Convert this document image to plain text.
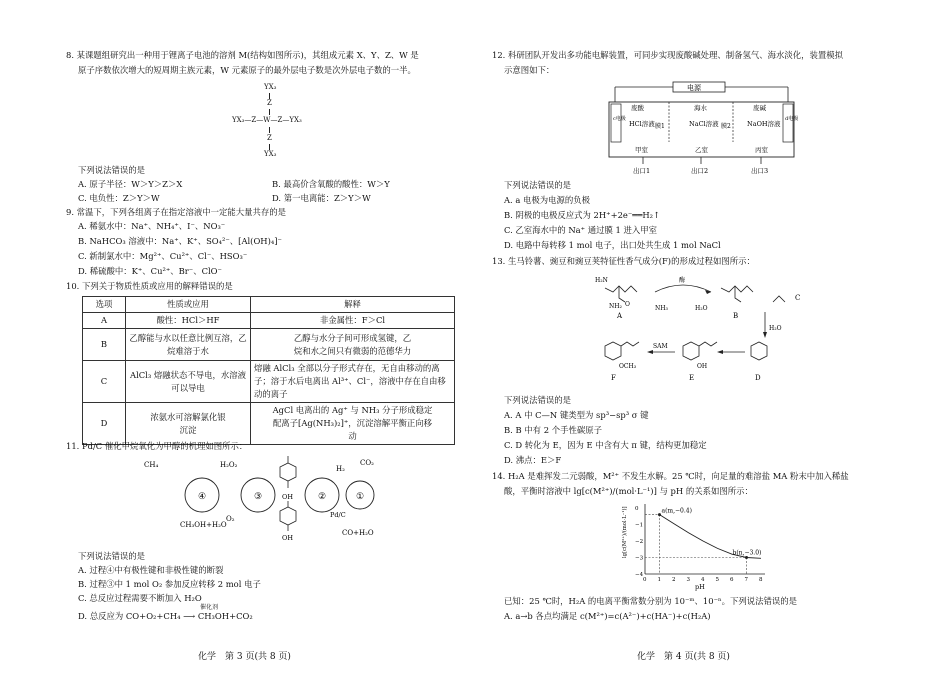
8. 某课题组研究出一种用于锂离子电池的溶剂 M(结构如图所示)，其组成元素 X、Y、Z、W 是
原子序数依次增大的短周期主族元素，W 元素原子的最外层电子数是次外层电子数的一半。
YX₃
Z
YX₃—Z—W—Z—YX₃
Z
YX₃
下列说法错误的是
A. 原子半径：W＞Y＞Z＞X	B. 最高价含氧酸的酸性：W＞Y
C. 电负性：Z＞Y＞W	D. 第一电离能：Z＞Y＞W
9. 常温下，下列各组离子在指定溶液中一定能大量共存的是
A. 稀氨水中：Na⁺、NH₄⁺、I⁻、NO₃⁻
B. NaHCO₃ 溶液中：Na⁺、K⁺、SO₄²⁻、[Al(OH)₄]⁻
C. 新制氯水中：Mg²⁺、Cu²⁺、Cl⁻、HSO₃⁻
D. 稀硫酸中：K⁺、Cu²⁺、Br⁻、ClO⁻
10. 下列关于物质性质或应用的解释错误的是
选项	性质或应用	解释
A	酸性：HCl＞HF	非金属性：F＞Cl
B	乙醇能与水以任意比例互溶，乙烷难溶于水	乙醇与水分子间可形成氢键，乙烷和水之间只有微弱的范德华力
C	AlCl₃ 熔融状态不导电，水溶液可以导电	熔融 AlCl₃ 全部以分子形式存在，无自由移动的离子；溶于水后电离出 Al³⁺、Cl⁻，溶液中存在自由移动的离子
D	浓氨水可溶解氯化银沉淀	AgCl 电离出的 Ag⁺ 与 NH₃ 分子形成稳定配离子[Ag(NH₃)₂]⁺，沉淀溶解平衡正向移动
11. Pd/C 催化甲烷氧化为甲醇的机理如图所示：
④
CH₄
CH₃OH+H₂O
H₂O₂
③
O₂
OH
OH
②	①
H₂
CO₂
Pd/C
CO+H₂O
下列说法错误的是
A. 过程④中有极性键和非极性键的断裂
B. 过程③中 1 mol O₂ 参加反应转移 2 mol 电子
C. 总反应过程需要不断加入 H₂O
D. 总反应为 CO+O₂+CH₄ ⟶ CH₃OH+CO₂
催化剂
化学　第 3 页(共 8 页)
12. 科研团队开发出多功能电解装置，可同步实现废酸碱处理、制备氢气、海水淡化，装置模拟
示意图如下：
电源
c电极	d电极
废酸	海水	废碱
HCl溶液	NaCl溶液	NaOH溶液
膜1	膜2
甲室	乙室	丙室
出口1	出口2	出口3
下列说法错误的是
A. a 电极为电源的负极
B. 阴极的电极反应式为 2H⁺+2e⁻══H₂↑
C. 乙室海水中的 Na⁺ 通过膜 1 进入甲室
D. 电路中每转移 1 mol 电子，出口处共生成 1 mol NaCl
13. 生马铃薯、豌豆和豌豆荚特征性香气成分(F)的形成过程如图所示：
H₂N
O
NH₂
A
酶
NH₃	H₂O
B
C
H₂O
D
OH
E
SAM
OCH₃
F
下列说法错误的是
A. A 中 C—N 键类型为 sp³−sp³ σ 键
B. B 中有 2 个手性碳原子
C. D 转化为 E，因为 E 中含有大 π 键，结构更加稳定
D. 沸点：E＞F
14. H₂A 是难挥发二元弱酸，M²⁺ 不发生水解。25 ℃时，向足量的难溶盐 MA 粉末中加入稀盐
酸，平衡时溶液中 lg[c(M²⁺)/(mol·L⁻¹)] 与 pH 的关系如图所示：
0 1 2 3 4 5 6 7 8
0
−1
−2
−3
−4
a(m,−0.4)
b(n,−3.0)
lg[c(M²⁺)/(mol·L⁻¹)]
pH
已知：25 ℃时，H₂A 的电离平衡常数分别为 10⁻ᵐ、10⁻ⁿ。下列说法错误的是
A. a→b 各点均满足 c(M²⁺)=c(A²⁻)+c(HA⁻)+c(H₂A)
化学　第 4 页(共 8 页)
